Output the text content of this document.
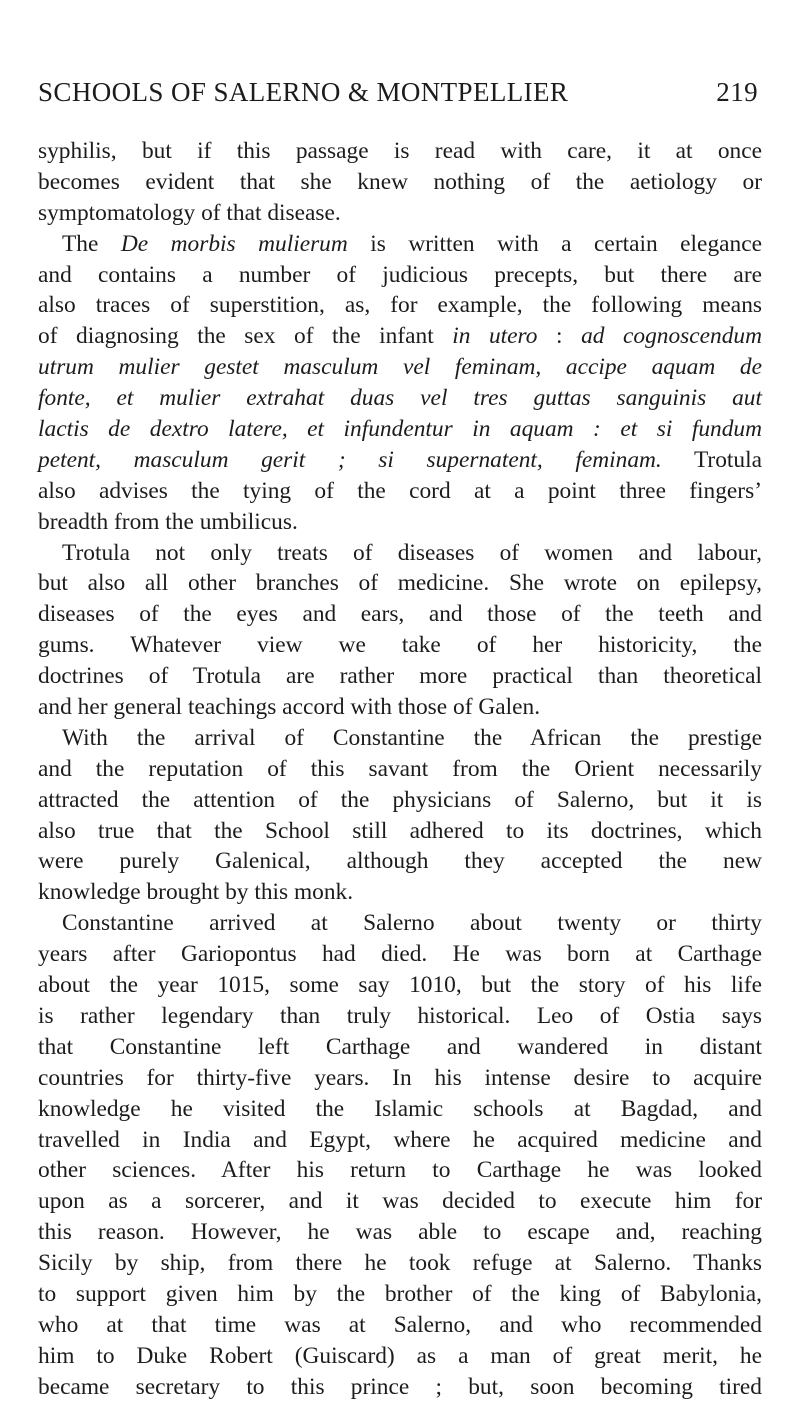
SCHOOLS OF SALERNO & MONTPELLIER	219
syphilis, but if this passage is read with care, it at once
becomes evident that she knew nothing of the aetiology or
symptomatology of that disease.
The De morbis mulierum is written with a certain elegance
and contains a number of judicious precepts, but there are
also traces of superstition, as, for example, the following means
of diagnosing the sex of the infant in utero : ad cognoscendum
utrum mulier gestet masculum vel feminam, accipe aquam de
fonte, et mulier extrahat duas vel tres guttas sanguinis aut
lactis de dextro latere, et infundentur in aquam : et si fundum
petent, masculum gerit ; si supernatent, feminam. Trotula
also advises the tying of the cord at a point three fingers’
breadth from the umbilicus.
Trotula not only treats of diseases of women and labour,
but also all other branches of medicine. She wrote on epilepsy,
diseases of the eyes and ears, and those of the teeth and
gums. Whatever view we take of her historicity, the
doctrines of Trotula are rather more practical than theoretical
and her general teachings accord with those of Galen.
With the arrival of Constantine the African the prestige
and the reputation of this savant from the Orient necessarily
attracted the attention of the physicians of Salerno, but it is
also true that the School still adhered to its doctrines, which
were purely Galenical, although they accepted the new
knowledge brought by this monk.
Constantine arrived at Salerno about twenty or thirty
years after Gariopontus had died. He was born at Carthage
about the year 1015, some say 1010, but the story of his life
is rather legendary than truly historical. Leo of Ostia says
that Constantine left Carthage and wandered in distant
countries for thirty-five years. In his intense desire to acquire
knowledge he visited the Islamic schools at Bagdad, and
travelled in India and Egypt, where he acquired medicine and
other sciences. After his return to Carthage he was looked
upon as a sorcerer, and it was decided to execute him for
this reason. However, he was able to escape and, reaching
Sicily by ship, from there he took refuge at Salerno. Thanks
to support given him by the brother of the king of Babylonia,
who at that time was at Salerno, and who recommended
him to Duke Robert (Guiscard) as a man of great merit, he
became secretary to this prince ; but, soon becoming tired
